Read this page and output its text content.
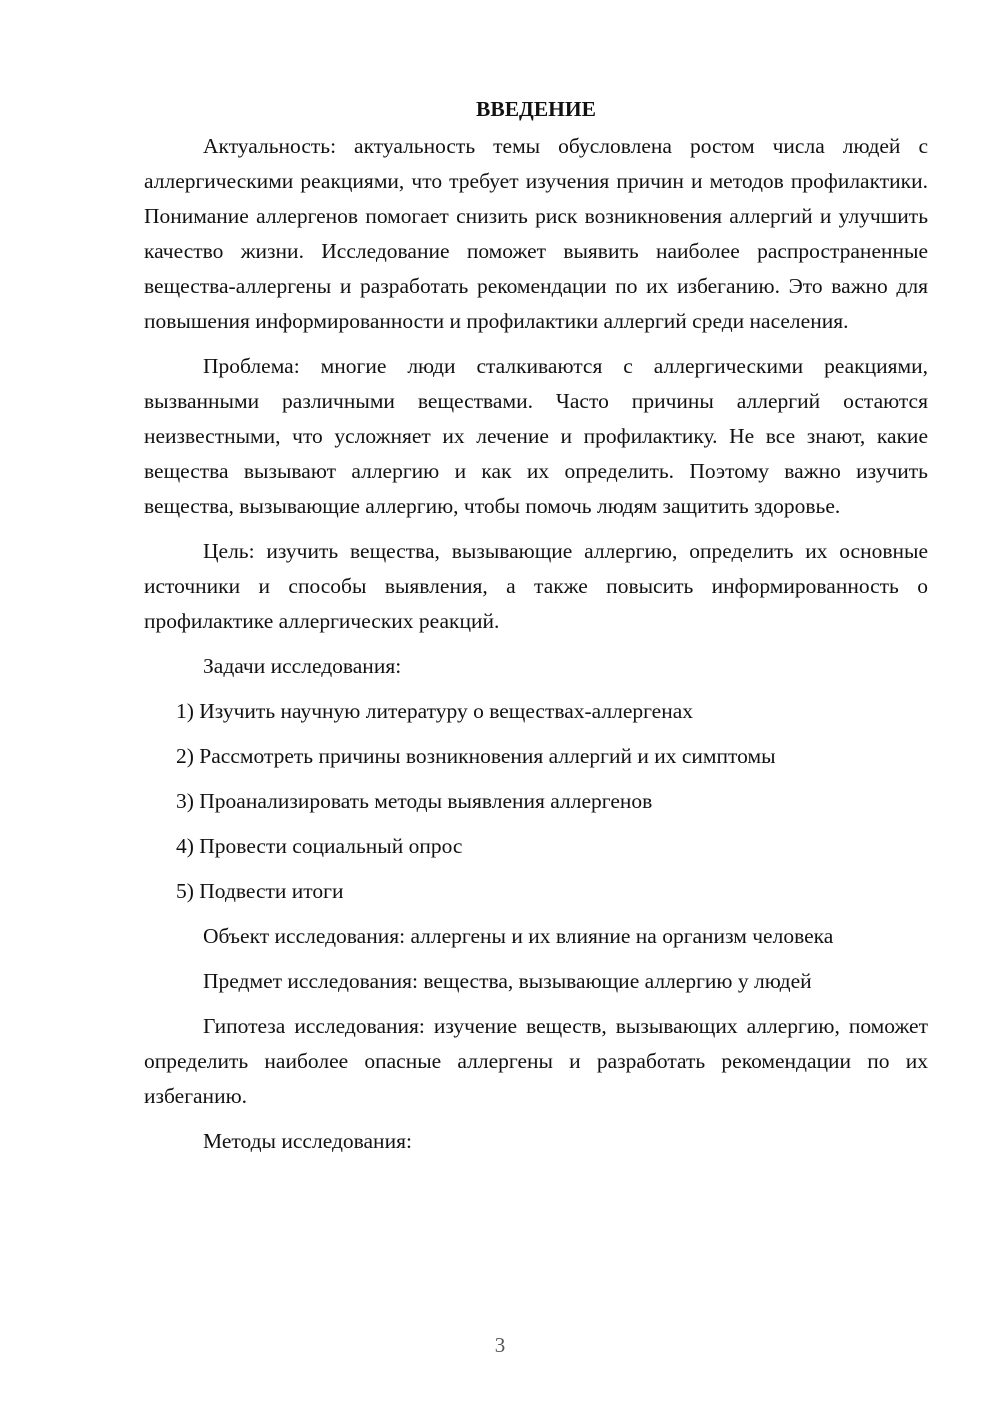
ВВЕДЕНИЕ

Актуальность: актуальность темы обусловлена ростом числа людей с аллергическими реакциями, что требует изучения причин и методов профилактики. Понимание аллергенов помогает снизить риск возникновения аллергий и улучшить качество жизни. Исследование поможет выявить наиболее распространенные вещества-аллергены и разработать рекомендации по их избеганию. Это важно для повышения информированности и профилактики аллергий среди населения.

Проблема: многие люди сталкиваются с аллергическими реакциями, вызванными различными веществами. Часто причины аллергий остаются неизвестными, что усложняет их лечение и профилактику. Не все знают, какие вещества вызывают аллергию и как их определить. Поэтому важно изучить вещества, вызывающие аллергию, чтобы помочь людям защитить здоровье.

Цель: изучить вещества, вызывающие аллергию, определить их основные источники и способы выявления, а также повысить информированность о профилактике аллергических реакций.

Задачи исследования:

1) Изучить научную литературу о веществах-аллергенах

2) Рассмотреть причины возникновения аллергий и их симптомы

3) Проанализировать методы выявления аллергенов

4) Провести социальный опрос

5) Подвести итоги

Объект исследования: аллергены и их влияние на организм человека

Предмет исследования: вещества, вызывающие аллергию у людей

Гипотеза исследования: изучение веществ, вызывающих аллергию, поможет определить наиболее опасные аллергены и разработать рекомендации по их избеганию.

Методы исследования:

3
